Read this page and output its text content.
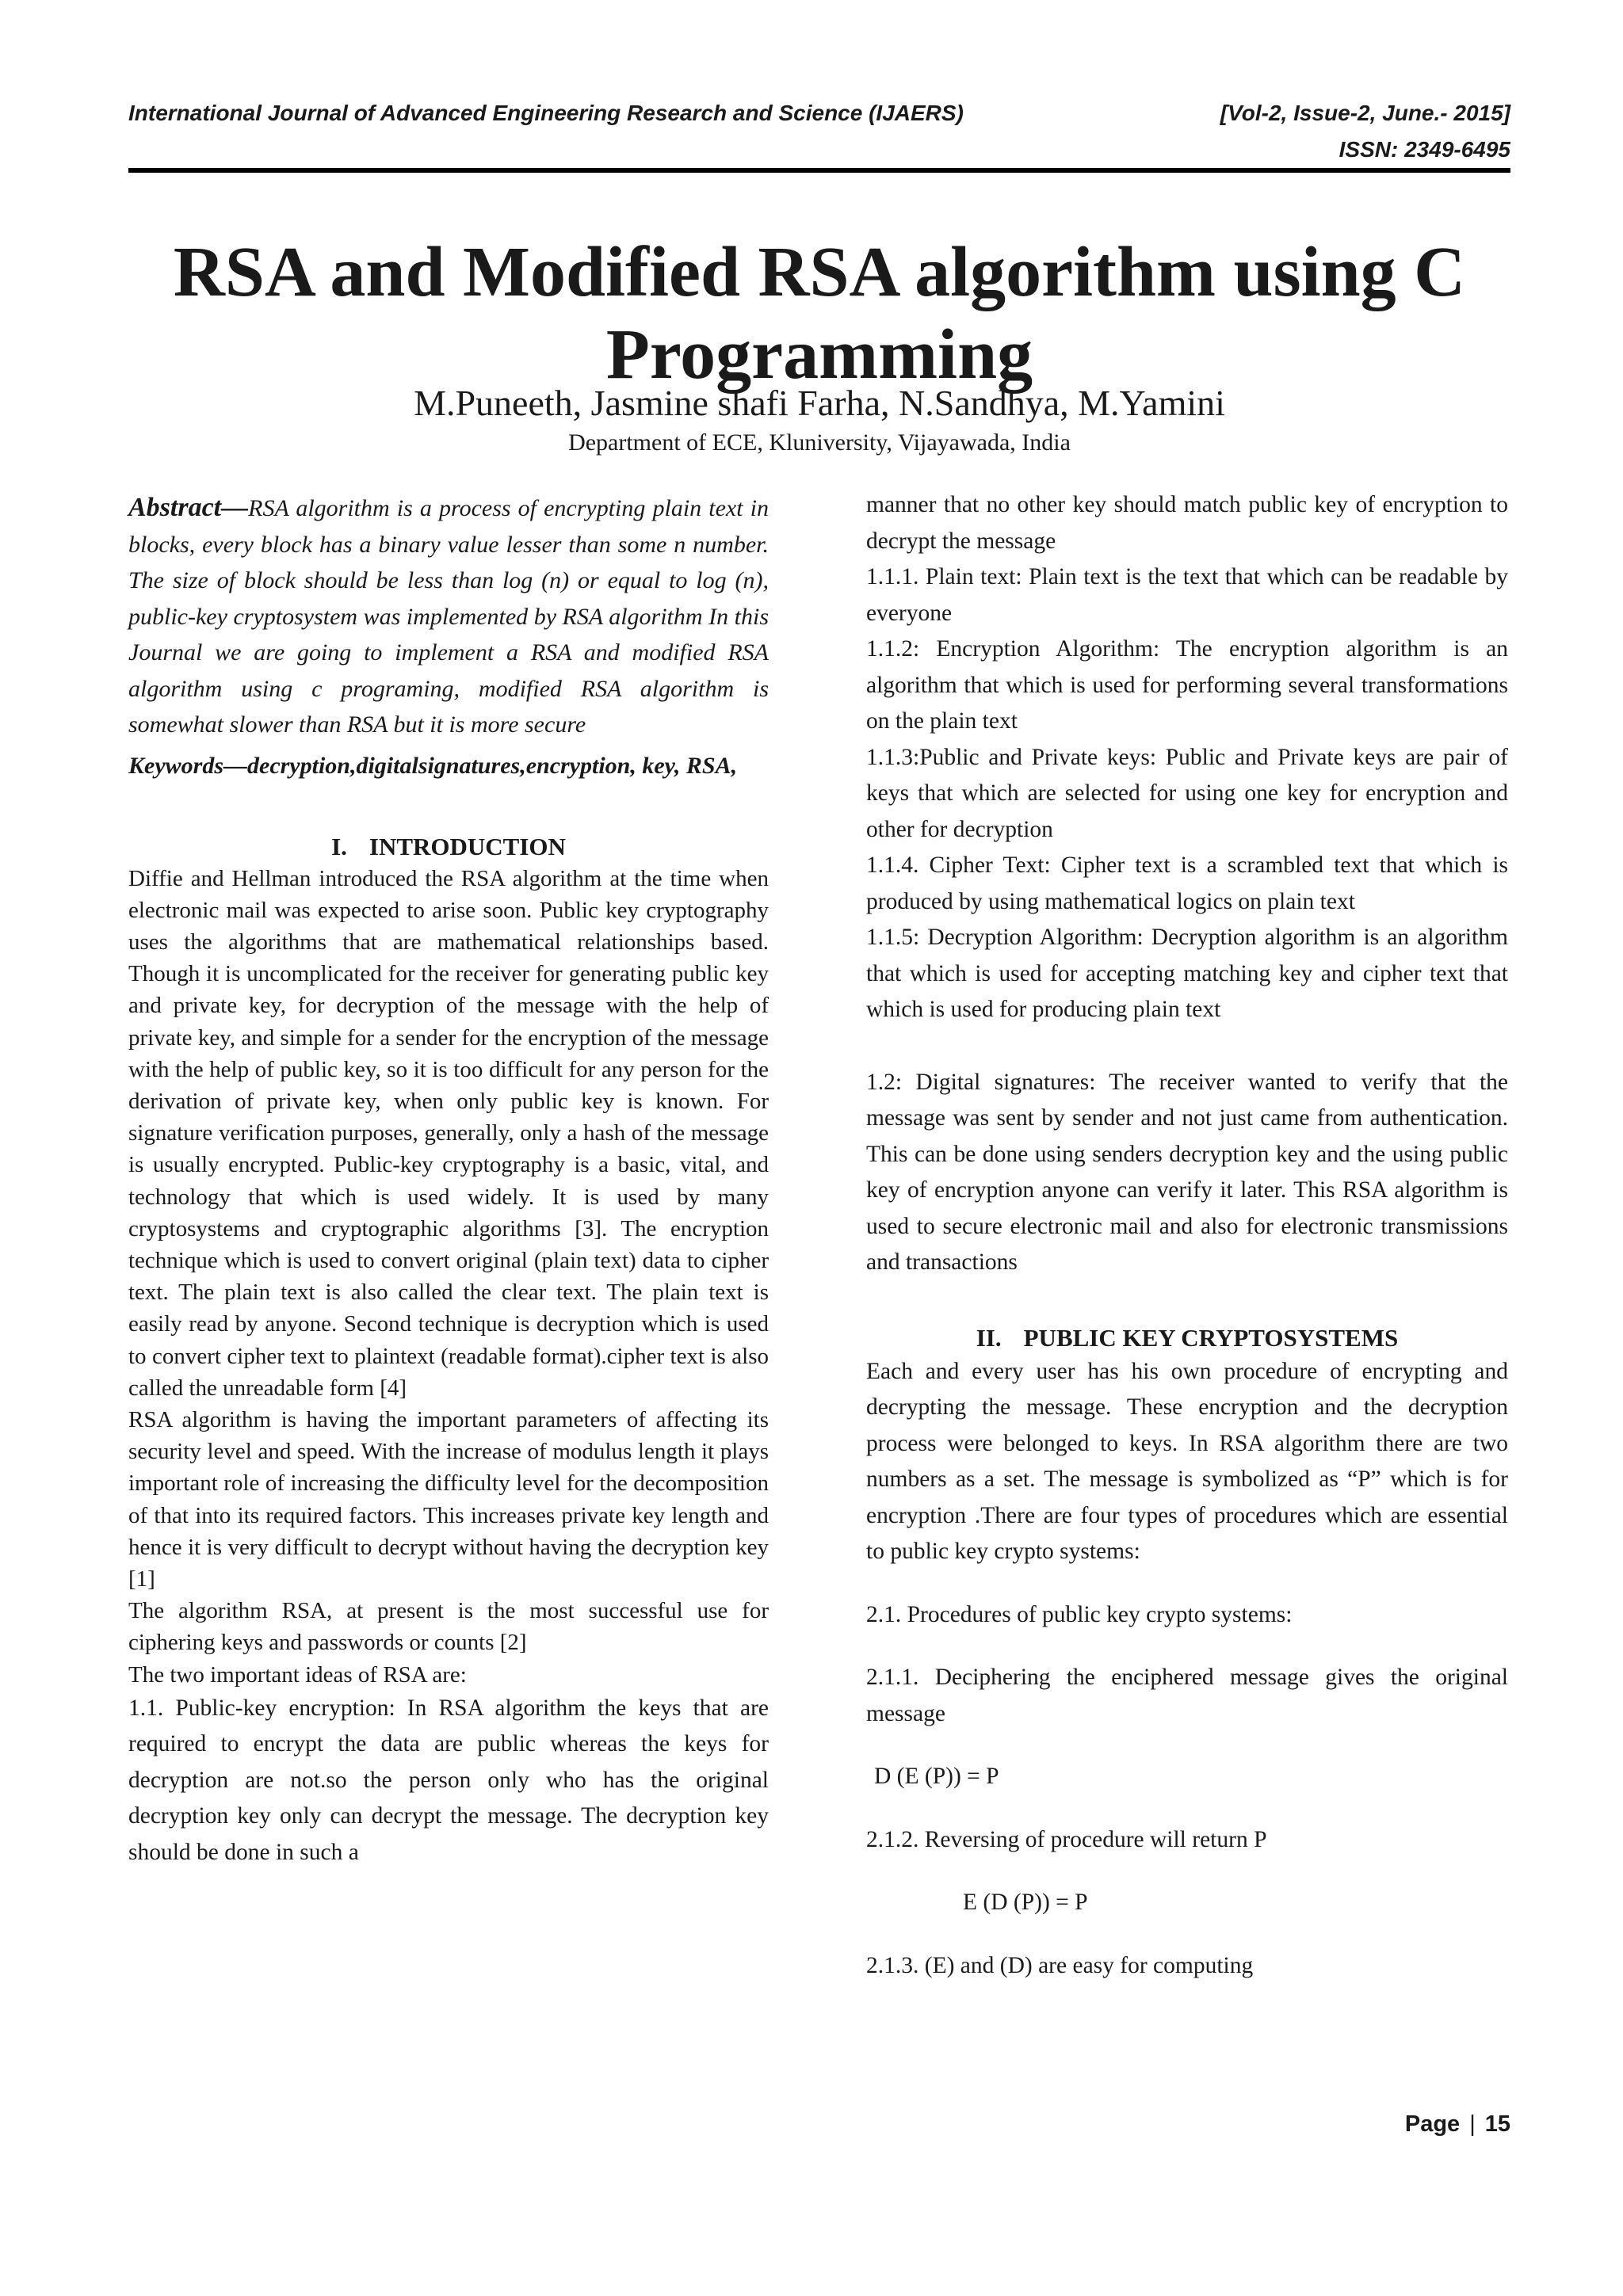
International Journal of Advanced Engineering Research and Science (IJAERS)	[Vol-2, Issue-2, June.- 2015]
ISSN: 2349-6495
RSA and Modified RSA algorithm using C Programming
M.Puneeth, Jasmine shafi Farha, N.Sandhya, M.Yamini
Department of ECE, Kluniversity, Vijayawada, India

Abstract—RSA algorithm is a process of encrypting plain text in blocks, every block has a binary value lesser than some n number. The size of block should be less than log (n) or equal to log (n), public-key cryptosystem was implemented by RSA algorithm In this Journal we are going to implement a RSA and modified RSA algorithm using c programing, modified RSA algorithm is somewhat slower than RSA but it is more secure

Keywords—decryption,digitalsignatures,encryption, key, RSA,

I. INTRODUCTION

Diffie and Hellman introduced the RSA algorithm at the time when electronic mail was expected to arise soon. Public key cryptography uses the algorithms that are mathematical relationships based. Though it is uncomplicated for the receiver for generating public key and private key, for decryption of the message with the help of private key, and simple for a sender for the encryption of the message with the help of public key, so it is too difficult for any person for the derivation of private key, when only public key is known. For signature verification purposes, generally, only a hash of the message is usually encrypted. Public-key cryptography is a basic, vital, and technology that which is used widely. It is used by many cryptosystems and cryptographic algorithms [3]. The encryption technique which is used to convert original (plain text) data to cipher text. The plain text is also called the clear text. The plain text is easily read by anyone. Second technique is decryption which is used to convert cipher text to plaintext (readable format).cipher text is also called the unreadable form [4]

RSA algorithm is having the important parameters of affecting its security level and speed. With the increase of modulus length it plays important role of increasing the difficulty level for the decomposition of that into its required factors. This increases private key length and hence it is very difficult to decrypt without having the decryption key [1]

The algorithm RSA, at present is the most successful use for ciphering keys and passwords or counts [2]

The two important ideas of RSA are:

1.1. Public-key encryption: In RSA algorithm the keys that are required to encrypt the data are public whereas the keys for decryption are not.so the person only who has the original decryption key only can decrypt the message. The decryption key should be done in such a

manner that no other key should match public key of encryption to decrypt the message

1.1.1. Plain text: Plain text is the text that which can be readable by everyone

1.1.2: Encryption Algorithm: The encryption algorithm is an algorithm that which is used for performing several transformations on the plain text

1.1.3:Public and Private keys: Public and Private keys are pair of keys that which are selected for using one key for encryption and other for decryption

1.1.4. Cipher Text: Cipher text is a scrambled text that which is produced by using mathematical logics on plain text

1.1.5: Decryption Algorithm: Decryption algorithm is an algorithm that which is used for accepting matching key and cipher text that which is used for producing plain text

1.2: Digital signatures: The receiver wanted to verify that the message was sent by sender and not just came from authentication. This can be done using senders decryption key and the using public key of encryption anyone can verify it later. This RSA algorithm is used to secure electronic mail and also for electronic transmissions and transactions

II. PUBLIC KEY CRYPTOSYSTEMS

Each and every user has his own procedure of encrypting and decrypting the message. These encryption and the decryption process were belonged to keys. In RSA algorithm there are two numbers as a set. The message is symbolized as “P” which is for encryption .There are four types of procedures which are essential to public key crypto systems:

2.1. Procedures of public key crypto systems:

2.1.1. Deciphering the enciphered message gives the original message

D (E (P)) = P

2.1.2. Reversing of procedure will return P

E (D (P)) = P

2.1.3. (E) and (D) are easy for computing

Page | 15
